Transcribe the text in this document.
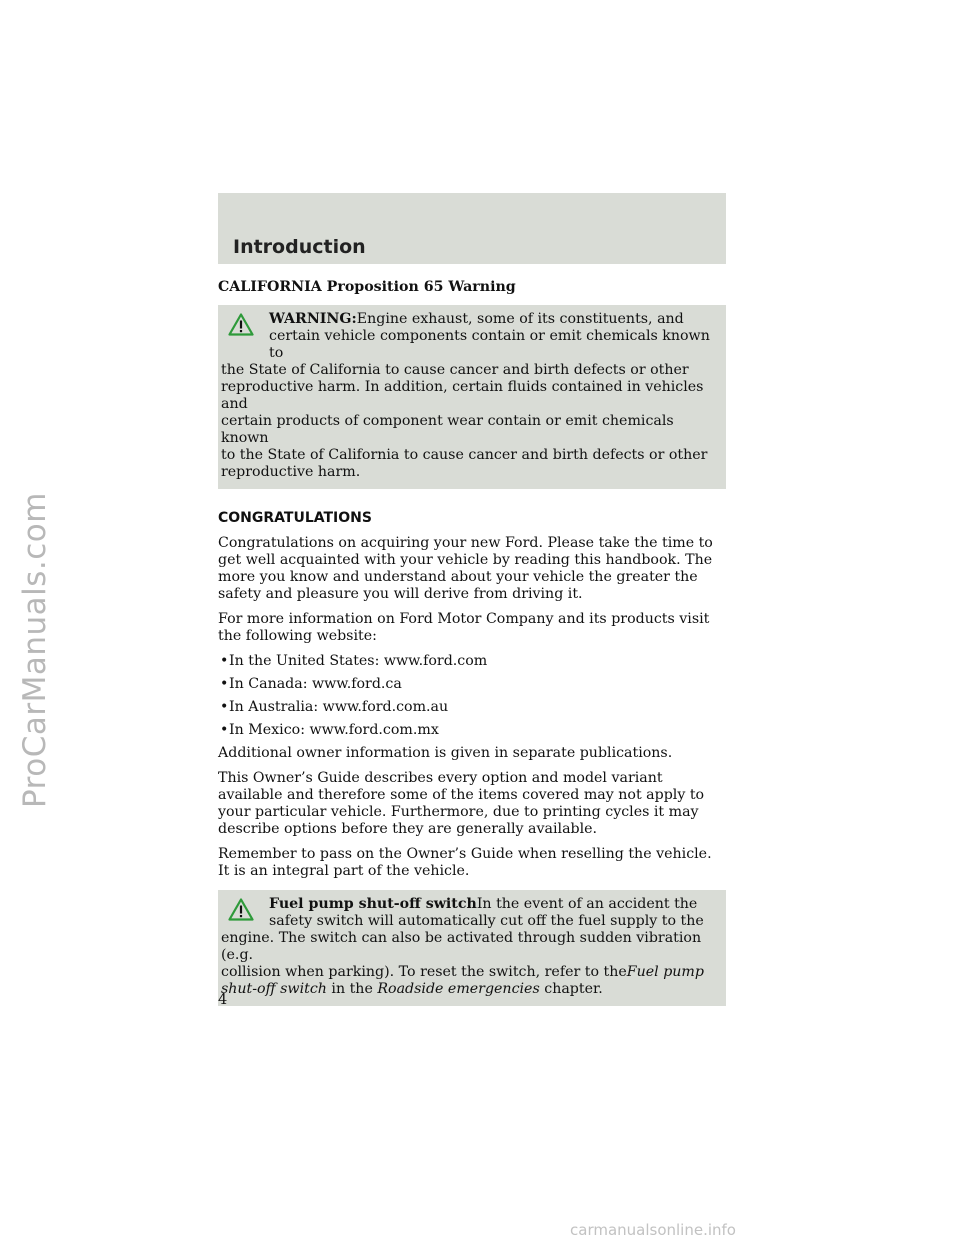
ProCarManuals.com
Introduction

CALIFORNIA Proposition 65 Warning

WARNING:Engine exhaust, some of its constituents, and
certain vehicle components contain or emit chemicals known to
the State of California to cause cancer and birth defects or other
reproductive harm. In addition, certain fluids contained in vehicles and
certain products of component wear contain or emit chemicals known
to the State of California to cause cancer and birth defects or other
reproductive harm.

CONGRATULATIONS

Congratulations on acquiring your new Ford. Please take the time to get well acquainted with your vehicle by reading this handbook. The more you know and understand about your vehicle the greater the safety and pleasure you will derive from driving it.

For more information on Ford Motor Company and its products visit the following website:

•In the United States: www.ford.com
•In Canada: www.ford.ca
•In Australia: www.ford.com.au
•In Mexico: www.ford.com.mx

Additional owner information is given in separate publications.

This Owner’s Guide describes every option and model variant available and therefore some of the items covered may not apply to your particular vehicle. Furthermore, due to printing cycles it may describe options before they are generally available.

Remember to pass on the Owner’s Guide when reselling the vehicle. It is an integral part of the vehicle.

Fuel pump shut-off switchIn the event of an accident the
safety switch will automatically cut off the fuel supply to the
engine. The switch can also be activated through sudden vibration (e.g.
collision when parking). To reset the switch, refer to theFuel pump shut-off switch in the Roadside emergencies chapter.
4
carmanualsonline.info
